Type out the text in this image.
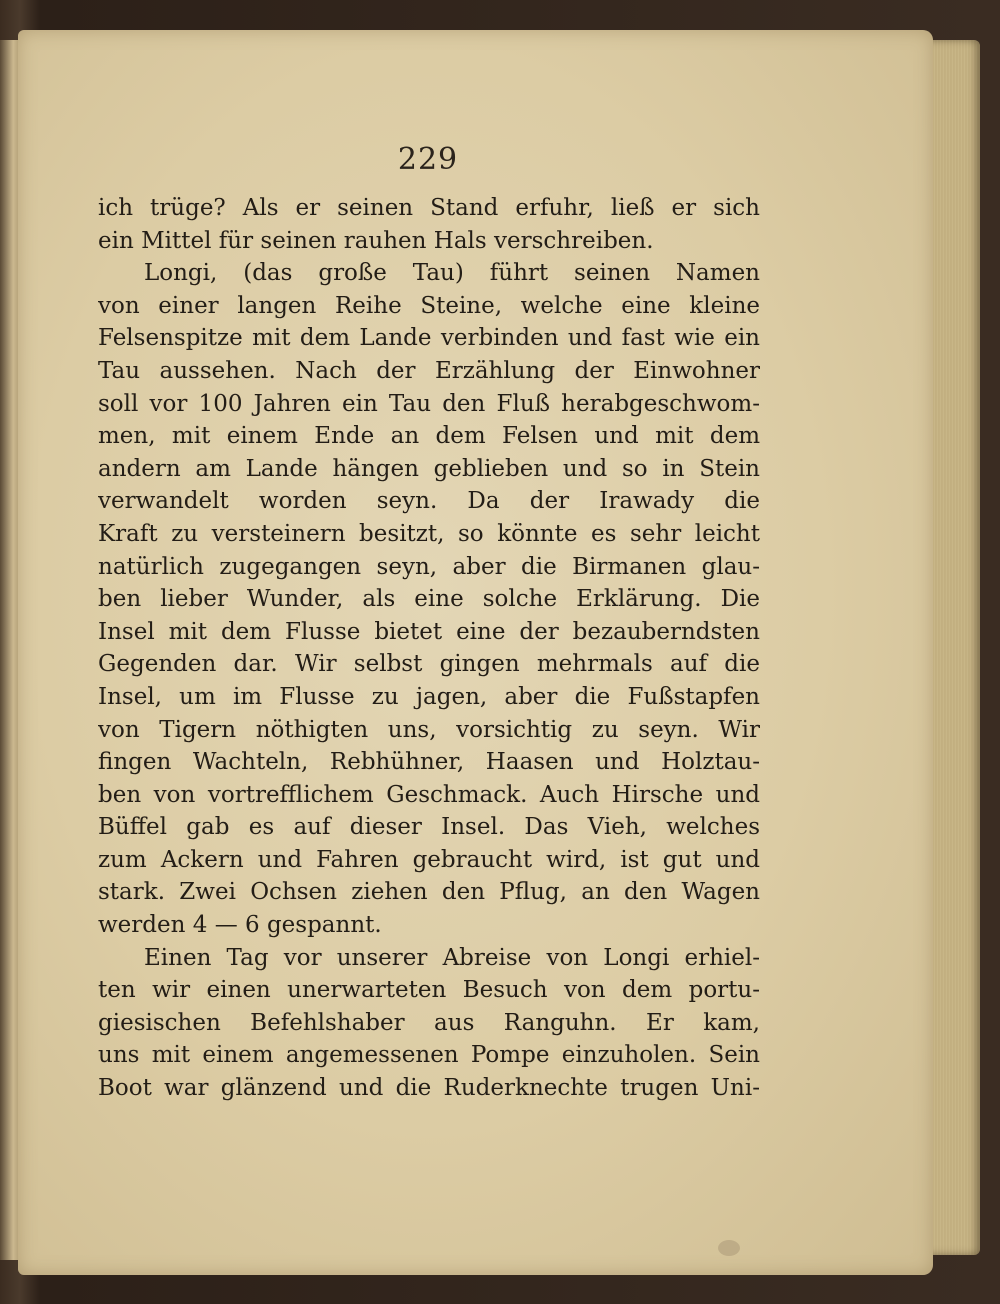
229
ich trüge? Als er seinen Stand erfuhr, ließ er sich
ein Mittel für seinen rauhen Hals verschreiben.
Longi, (das große Tau) führt seinen Namen
von einer langen Reihe Steine, welche eine kleine
Felsenspitze mit dem Lande verbinden und fast wie ein
Tau aussehen. Nach der Erzählung der Einwohner
soll vor 100 Jahren ein Tau den Fluß herabgeschwom-
men, mit einem Ende an dem Felsen und mit dem
andern am Lande hängen geblieben und so in Stein
verwandelt worden seyn. Da der Irawady die
Kraft zu versteinern besitzt, so könnte es sehr leicht
natürlich zugegangen seyn, aber die Birmanen glau-
ben lieber Wunder, als eine solche Erklärung. Die
Insel mit dem Flusse bietet eine der bezauberndsten
Gegenden dar. Wir selbst gingen mehrmals auf die
Insel, um im Flusse zu jagen, aber die Fußstapfen
von Tigern nöthigten uns, vorsichtig zu seyn. Wir
fingen Wachteln, Rebhühner, Haasen und Holztau-
ben von vortrefflichem Geschmack. Auch Hirsche und
Büffel gab es auf dieser Insel. Das Vieh, welches
zum Ackern und Fahren gebraucht wird, ist gut und
stark. Zwei Ochsen ziehen den Pflug, an den Wagen
werden 4 — 6 gespannt.
Einen Tag vor unserer Abreise von Longi erhiel-
ten wir einen unerwarteten Besuch von dem portu-
giesischen Befehlshaber aus Ranguhn. Er kam,
uns mit einem angemessenen Pompe einzuholen. Sein
Boot war glänzend und die Ruderknechte trugen Uni-
